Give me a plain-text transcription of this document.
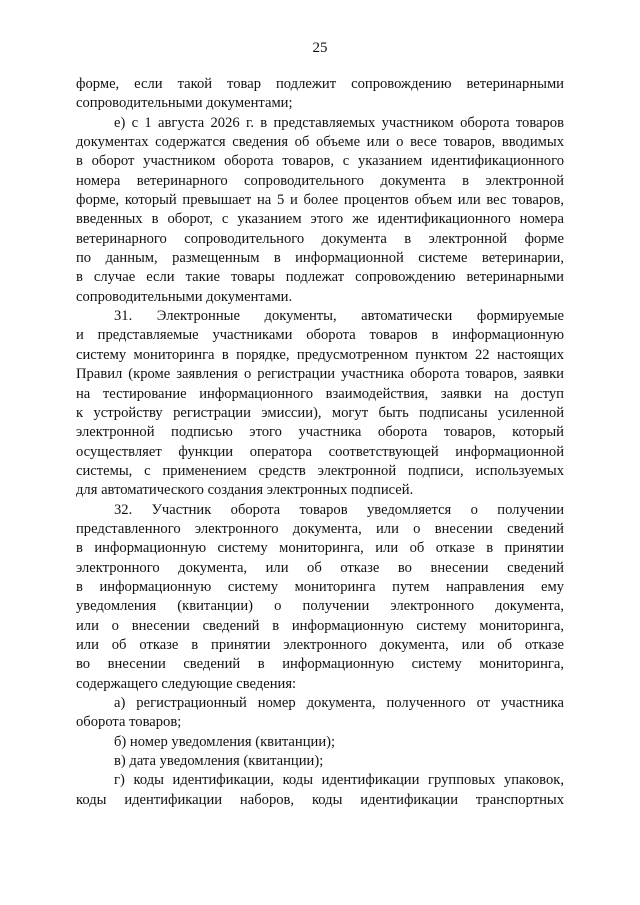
25
форме, если такой товар подлежит сопровождению ветеринарными
сопроводительными документами;
е) с 1 августа 2026 г. в представляемых участником оборота товаров
документах содержатся сведения об объеме или о весе товаров, вводимых
в оборот участником оборота товаров, с указанием идентификационного
номера ветеринарного сопроводительного документа в электронной
форме, который превышает на 5 и более процентов объем или вес товаров,
введенных в оборот, с указанием этого же идентификационного номера
ветеринарного сопроводительного документа в электронной форме
по данным, размещенным в информационной системе ветеринарии,
в случае если такие товары подлежат сопровождению ветеринарными
сопроводительными документами.
31. Электронные документы, автоматически формируемые
и представляемые участниками оборота товаров в информационную
систему мониторинга в порядке, предусмотренном пунктом 22 настоящих
Правил (кроме заявления о регистрации участника оборота товаров, заявки
на тестирование информационного взаимодействия, заявки на доступ
к устройству регистрации эмиссии), могут быть подписаны усиленной
электронной подписью этого участника оборота товаров, который
осуществляет функции оператора соответствующей информационной
системы, с применением средств электронной подписи, используемых
для автоматического создания электронных подписей.
32. Участник оборота товаров уведомляется о получении
представленного электронного документа, или о внесении сведений
в информационную систему мониторинга, или об отказе в принятии
электронного документа, или об отказе во внесении сведений
в информационную систему мониторинга путем направления ему
уведомления (квитанции) о получении электронного документа,
или о внесении сведений в информационную систему мониторинга,
или об отказе в принятии электронного документа, или об отказе
во внесении сведений в информационную систему мониторинга,
содержащего следующие сведения:
а) регистрационный номер документа, полученного от участника
оборота товаров;
б) номер уведомления (квитанции);
в) дата уведомления (квитанции);
г) коды идентификации, коды идентификации групповых упаковок,
коды идентификации наборов, коды идентификации транспортных
